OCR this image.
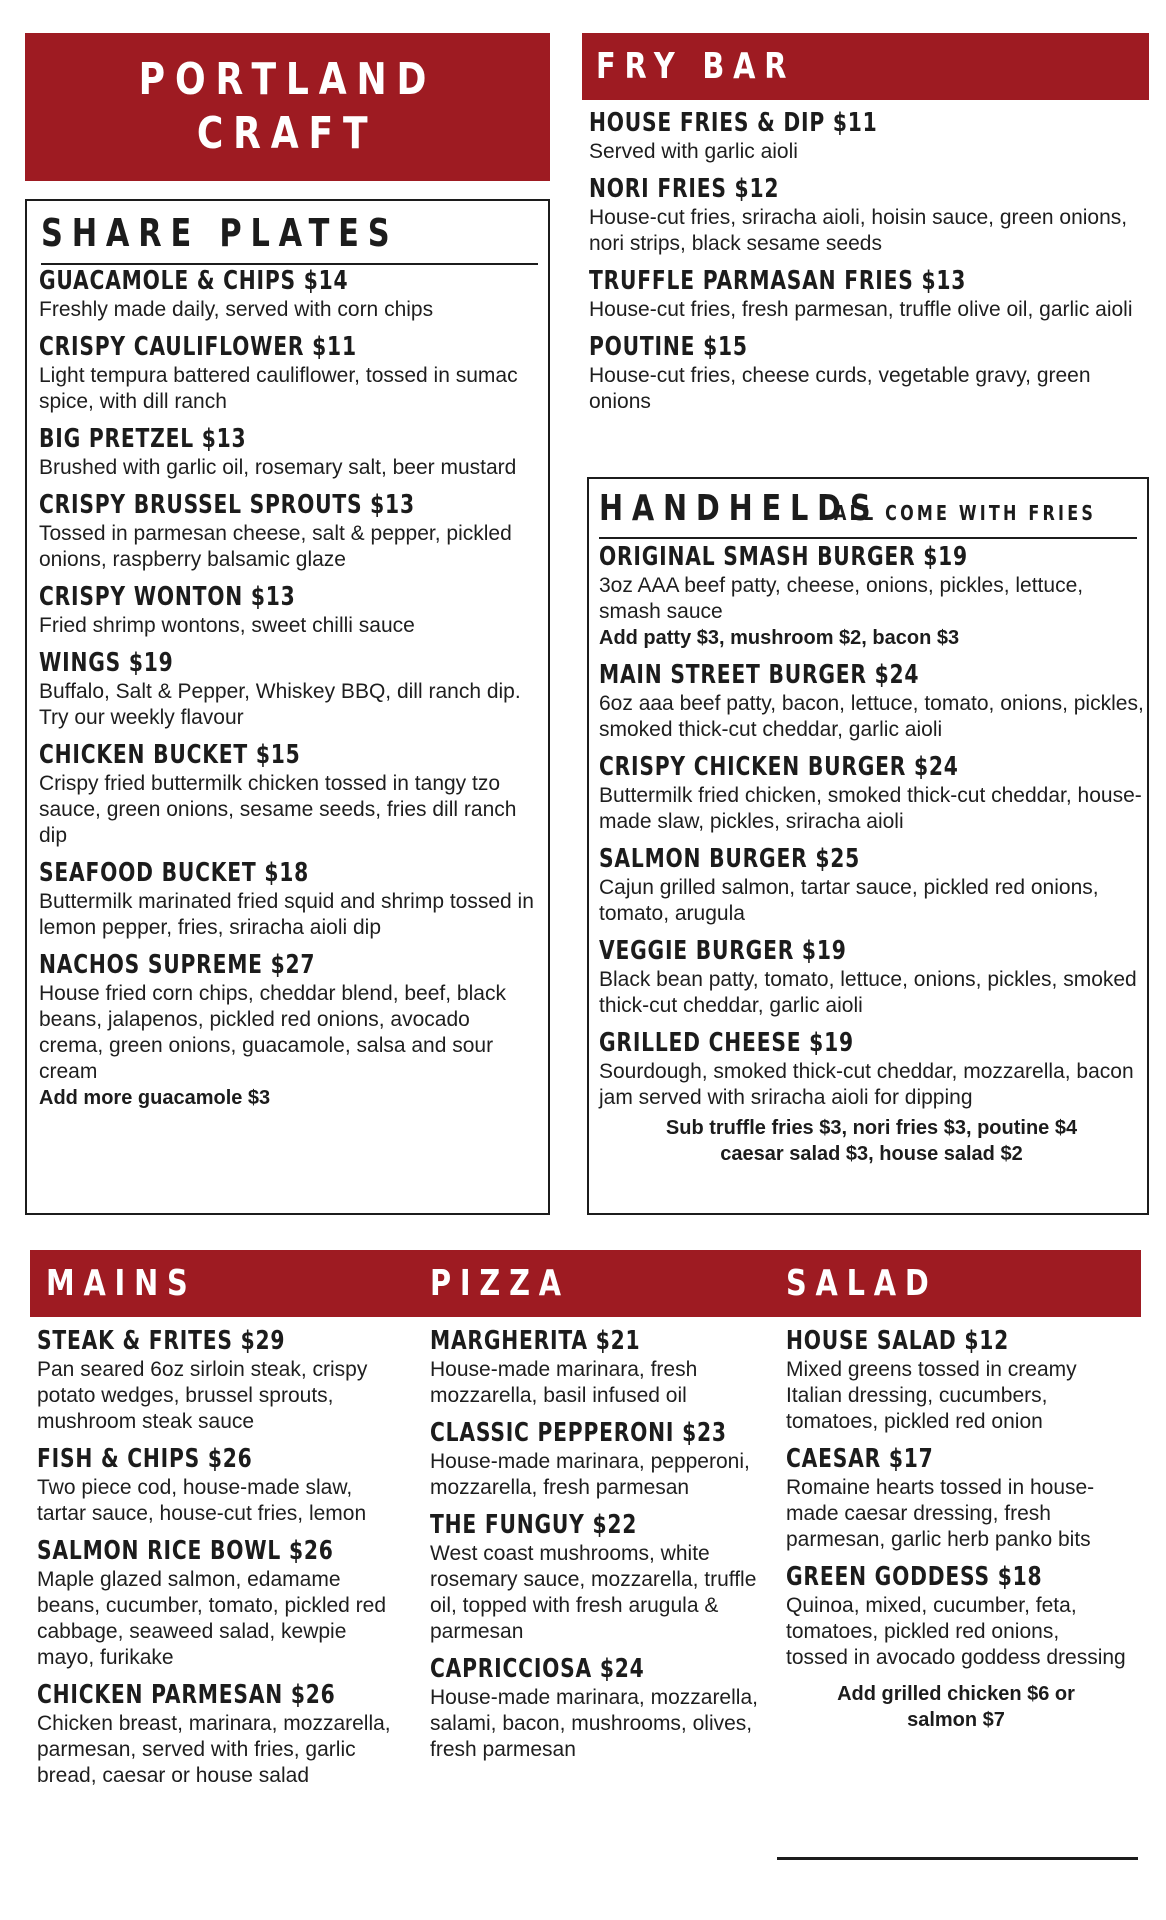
PORTLAND
CRAFT
SHARE PLATES
GUACAMOLE & CHIPS $14
Freshly made daily, served with corn chips
CRISPY CAULIFLOWER $11
Light tempura battered cauliflower, tossed in sumac spice, with dill ranch
BIG PRETZEL $13
Brushed with garlic oil, rosemary salt, beer mustard
CRISPY BRUSSEL SPROUTS $13
Tossed in parmesan cheese, salt & pepper, pickled onions, raspberry balsamic glaze
CRISPY WONTON $13
Fried shrimp wontons, sweet chilli sauce
WINGS $19
Buffalo, Salt & Pepper, Whiskey BBQ, dill ranch dip. Try our weekly flavour
CHICKEN BUCKET $15
Crispy fried buttermilk chicken tossed in tangy tzo sauce, green onions, sesame seeds, fries dill ranch dip
SEAFOOD BUCKET $18
Buttermilk marinated fried squid and shrimp tossed in lemon pepper, fries, sriracha aioli dip
NACHOS SUPREME $27
House fried corn chips, cheddar blend, beef, black beans, jalapenos, pickled red onions, avocado crema, green onions, guacamole, salsa and sour cream
Add more guacamole $3
FRY BAR
HOUSE FRIES & DIP $11
Served with garlic aioli
NORI FRIES $12
House-cut fries, sriracha aioli, hoisin sauce, green onions, nori strips, black sesame seeds
TRUFFLE PARMASAN FRIES $13
House-cut fries, fresh parmesan, truffle olive oil, garlic aioli
POUTINE $15
House-cut fries, cheese curds, vegetable gravy, green onions
HANDHELDS
ALL COME WITH FRIES
ORIGINAL SMASH BURGER $19
3oz AAA beef patty, cheese, onions, pickles, lettuce, smash sauce
Add patty $3, mushroom $2, bacon $3
MAIN STREET BURGER $24
6oz aaa beef patty, bacon, lettuce, tomato, onions, pickles, smoked thick-cut cheddar, garlic aioli
CRISPY CHICKEN BURGER $24
Buttermilk fried chicken, smoked thick-cut cheddar, house-made slaw, pickles, sriracha aioli
SALMON BURGER $25
Cajun grilled salmon, tartar sauce, pickled red onions, tomato, arugula
VEGGIE BURGER $19
Black bean patty, tomato, lettuce, onions, pickles, smoked thick-cut cheddar, garlic aioli
GRILLED CHEESE $19
Sourdough, smoked thick-cut cheddar, mozzarella, bacon jam served with sriracha aioli for dipping
Sub truffle fries $3, nori fries $3, poutine $4
caesar salad $3, house salad $2
MAINS	PIZZA	SALAD
STEAK & FRITES $29
Pan seared 6oz sirloin steak, crispy potato wedges, brussel sprouts, mushroom steak sauce
FISH & CHIPS $26
Two piece cod, house-made slaw, tartar sauce, house-cut fries, lemon
SALMON RICE BOWL $26
Maple glazed salmon, edamame beans, cucumber, tomato, pickled red cabbage, seaweed salad, kewpie mayo, furikake
CHICKEN PARMESAN $26
Chicken breast, marinara, mozzarella, parmesan, served with fries, garlic bread, caesar or house salad
MARGHERITA $21
House-made marinara, fresh mozzarella, basil infused oil
CLASSIC PEPPERONI $23
House-made marinara, pepperoni, mozzarella, fresh parmesan
THE FUNGUY $22
West coast mushrooms, white rosemary sauce, mozzarella, truffle oil, topped with fresh arugula & parmesan
CAPRICCIOSA $24
House-made marinara, mozzarella, salami, bacon, mushrooms, olives, fresh parmesan
HOUSE SALAD $12
Mixed greens tossed in creamy Italian dressing, cucumbers, tomatoes, pickled red onion
CAESAR $17
Romaine hearts tossed in house-made caesar dressing, fresh parmesan, garlic herb panko bits
GREEN GODDESS $18
Quinoa, mixed, cucumber, feta, tomatoes, pickled red onions, tossed in avocado goddess dressing
Add grilled chicken $6 or
salmon $7
